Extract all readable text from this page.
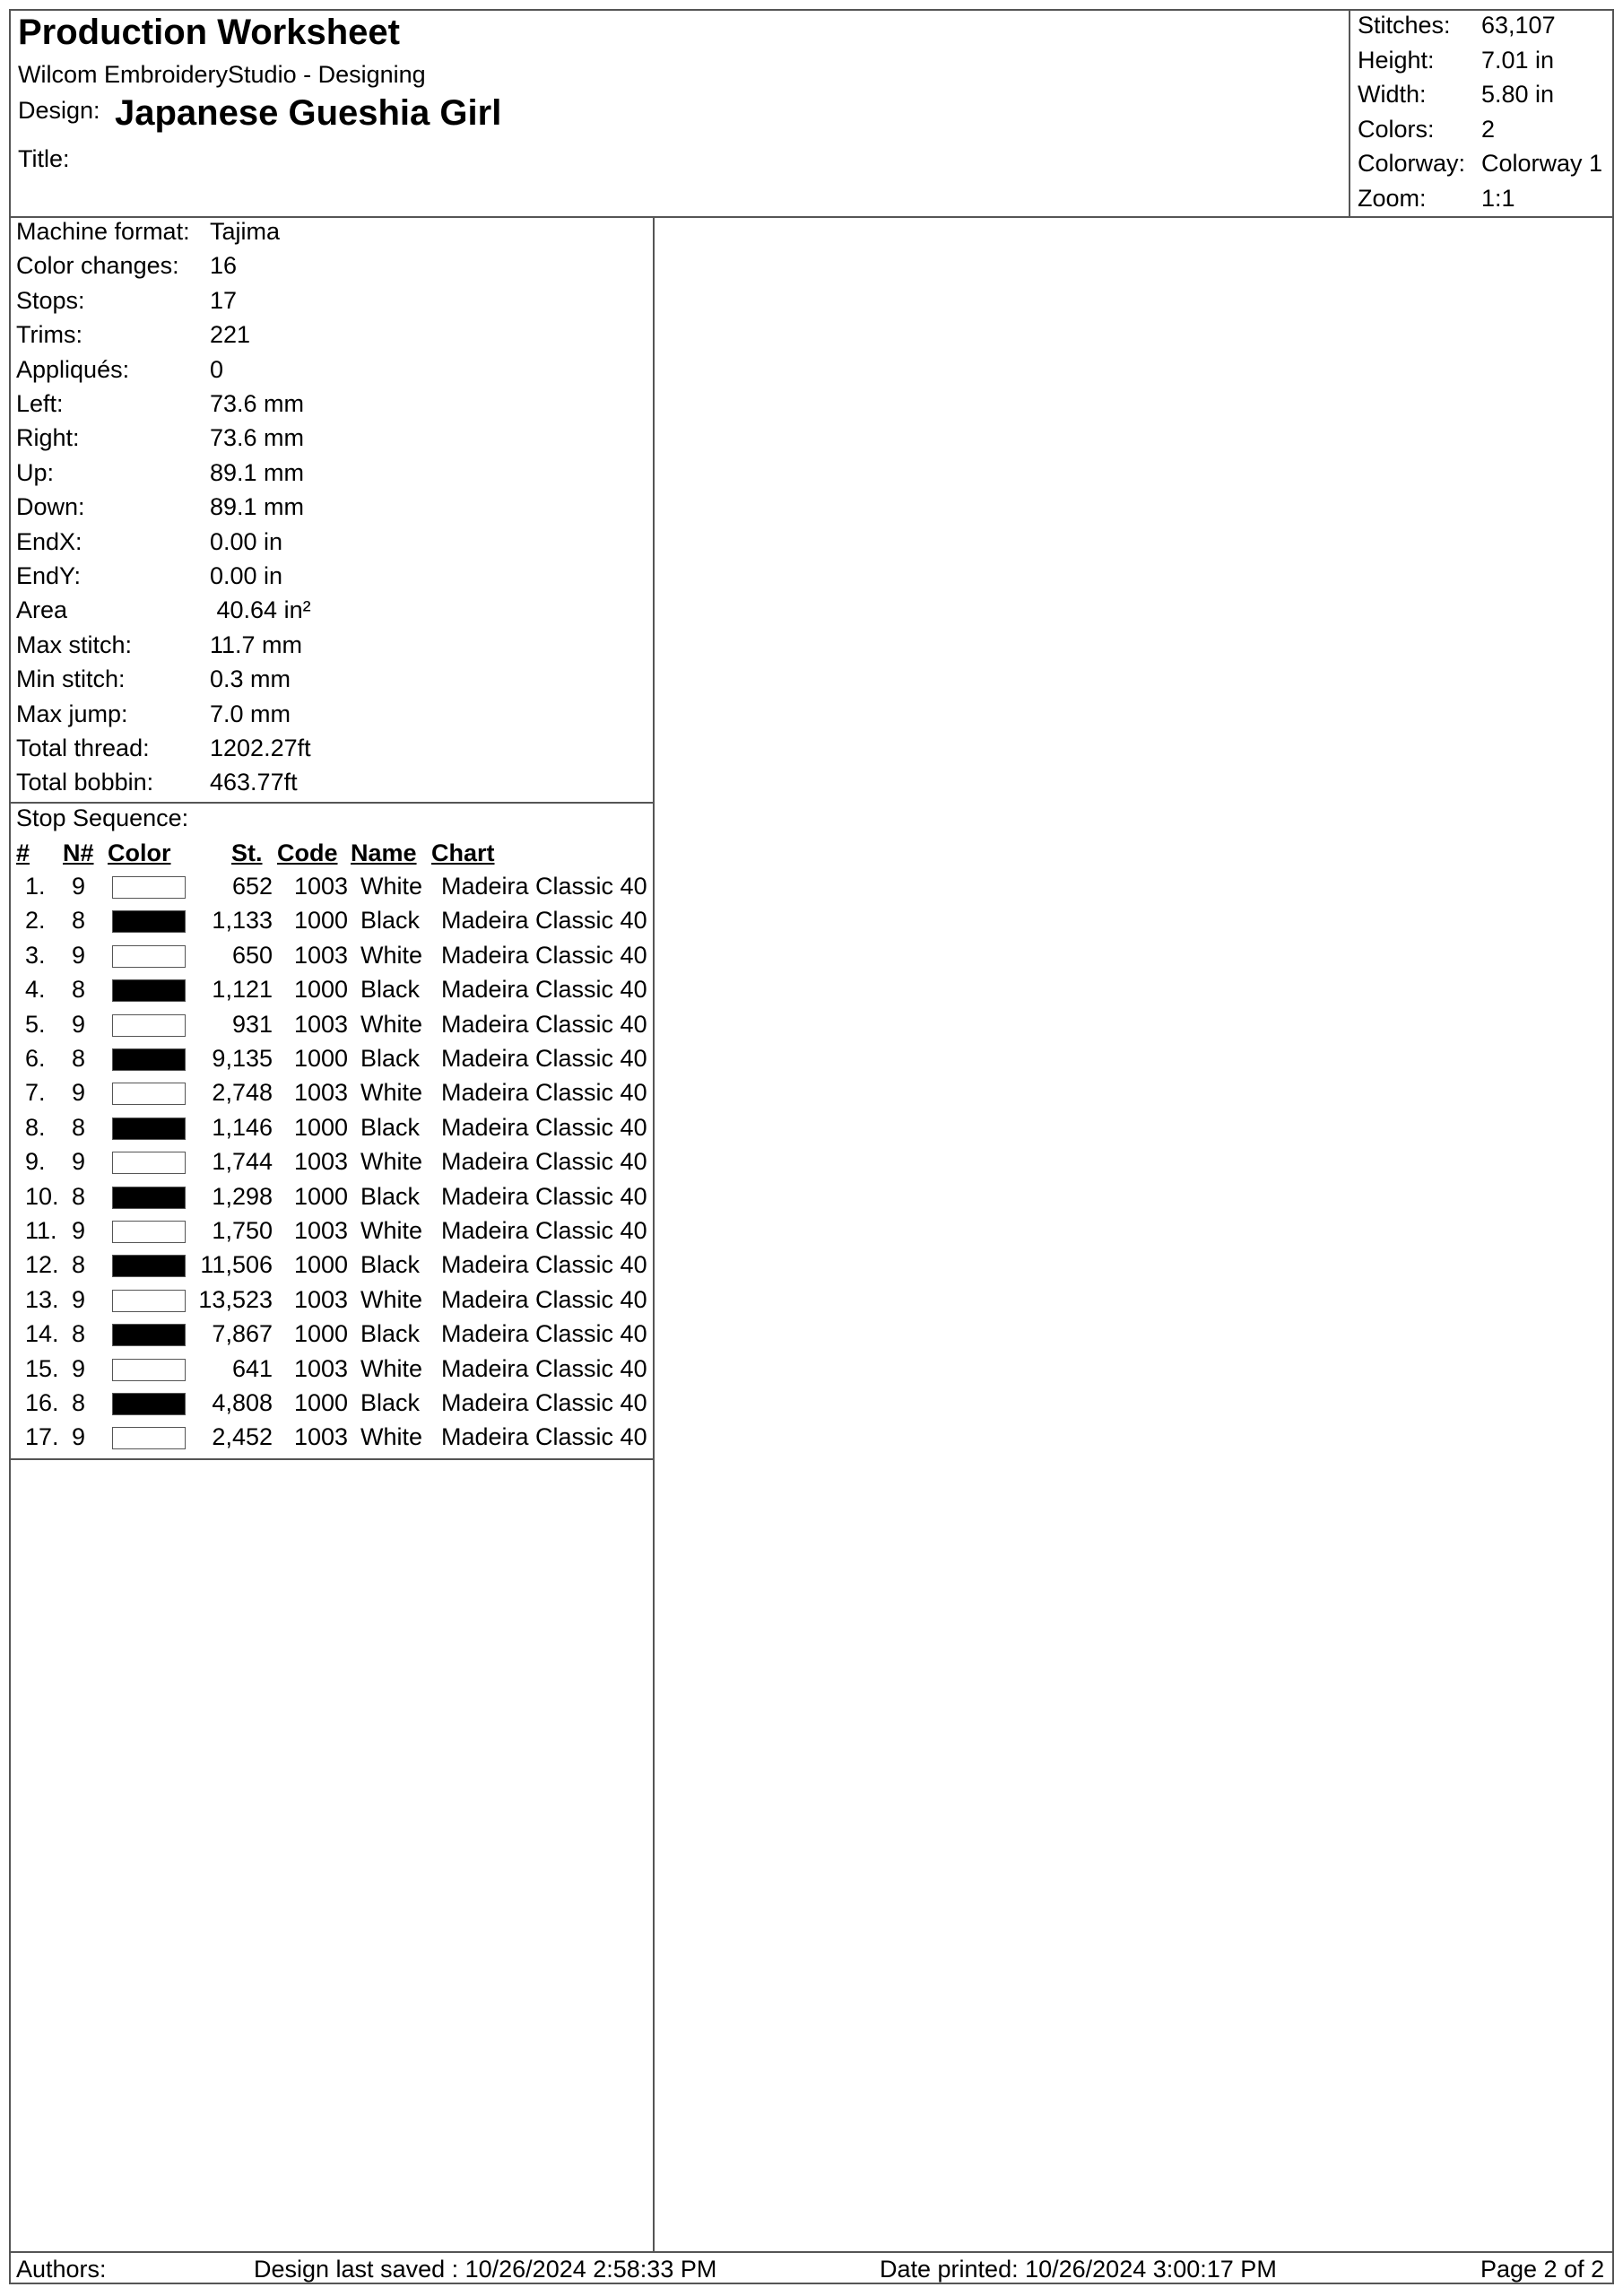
Production Worksheet
Wilcom EmbroideryStudio - Designing
Design: Japanese Gueshia Girl
Title:
Stitches: 63,107
Height: 7.01 in
Width: 5.80 in
Colors: 2
Colorway: Colorway 1
Zoom: 1:1
Machine format: Tajima
Color changes: 16
Stops:	17
Trims:	221
Appliqués:	0
Left:	73.6 mm
Right:	73.6 mm
Up:	89.1 mm
Down:	89.1 mm
EndX:	0.00 in
EndY:	0.00 in
Area	40.64 in²
Max stitch:	11.7 mm
Min stitch:	0.3 mm
Max jump:	7.0 mm
Total thread: 1202.27ft
Total bobbin: 463.77ft
Stop Sequence:
# N# Color	St. Code Name Chart
1. 9	652 1003 White Madeira Classic 40
2. 8	1,133 1000 Black Madeira Classic 40
3. 9	650 1003 White Madeira Classic 40
4. 8	1,121 1000 Black Madeira Classic 40
5. 9	931 1003 White Madeira Classic 40
6. 8	9,135 1000 Black Madeira Classic 40
7. 9	2,748 1003 White Madeira Classic 40
8. 8	1,146 1000 Black Madeira Classic 40
9. 9	1,744 1003 White Madeira Classic 40
10. 8	1,298 1000 Black Madeira Classic 40
11. 9	1,750 1003 White Madeira Classic 40
12. 8	11,506 1000 Black Madeira Classic 40
13. 9	13,523 1003 White Madeira Classic 40
14. 8	7,867 1000 Black Madeira Classic 40
15. 9	641 1003 White Madeira Classic 40
16. 8	4,808 1000 Black Madeira Classic 40
17. 9	2,452 1003 White Madeira Classic 40
Authors:	Design last saved : 10/26/2024 2:58:33 PM	Date printed: 10/26/2024 3:00:17 PM	Page 2 of 2
